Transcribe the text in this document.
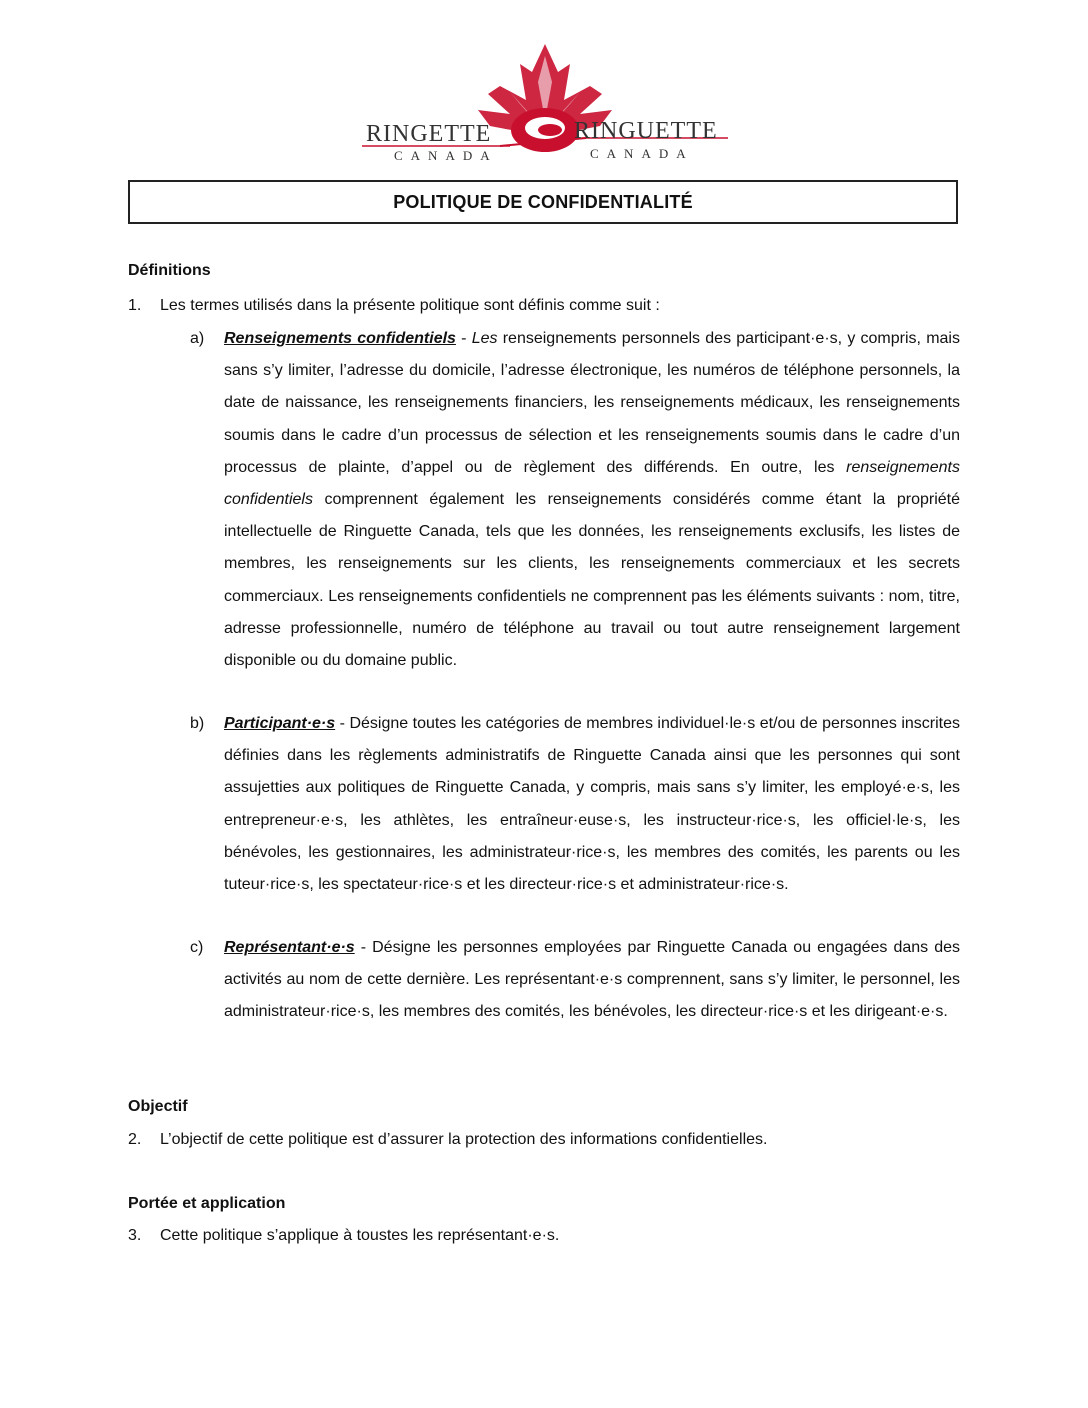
RINGETTE
CANADA
RINGUETTE
CANADA
POLITIQUE DE CONFIDENTIALITÉ
Définitions
1. Les termes utilisés dans la présente politique sont définis comme suit :
a) Renseignements confidentiels - Les renseignements personnels des participant·e·s, y compris, mais sans s’y limiter, l’adresse du domicile, l’adresse électronique, les numéros de téléphone personnels, la date de naissance, les renseignements financiers, les renseignements médicaux, les renseignements soumis dans le cadre d’un processus de sélection et les renseignements soumis dans le cadre d’un processus de plainte, d’appel ou de règlement des différends. En outre, les renseignements confidentiels comprennent également les renseignements considérés comme étant la propriété intellectuelle de Ringuette Canada, tels que les données, les renseignements exclusifs, les listes de membres, les renseignements sur les clients, les renseignements commerciaux et les secrets commerciaux. Les renseignements confidentiels ne comprennent pas les éléments suivants : nom, titre, adresse professionnelle, numéro de téléphone au travail ou tout autre renseignement largement disponible ou du domaine public.
b) Participant·e·s - Désigne toutes les catégories de membres individuel·le·s et/ou de personnes inscrites définies dans les règlements administratifs de Ringuette Canada ainsi que les personnes qui sont assujetties aux politiques de Ringuette Canada, y compris, mais sans s’y limiter, les employé·e·s, les entrepreneur·e·s, les athlètes, les entraîneur·euse·s, les instructeur·rice·s, les officiel·le·s, les bénévoles, les gestionnaires, les administrateur·rice·s, les membres des comités, les parents ou les tuteur·rice·s, les spectateur·rice·s et les directeur·rice·s et administrateur·rice·s.
c) Représentant·e·s - Désigne les personnes employées par Ringuette Canada ou engagées dans des activités au nom de cette dernière. Les représentant·e·s comprennent, sans s’y limiter, le personnel, les administrateur·rice·s, les membres des comités, les bénévoles, les directeur·rice·s et les dirigeant·e·s.
Objectif
2. L’objectif de cette politique est d’assurer la protection des informations confidentielles.
Portée et application
3. Cette politique s’applique à toustes les représentant·e·s.
